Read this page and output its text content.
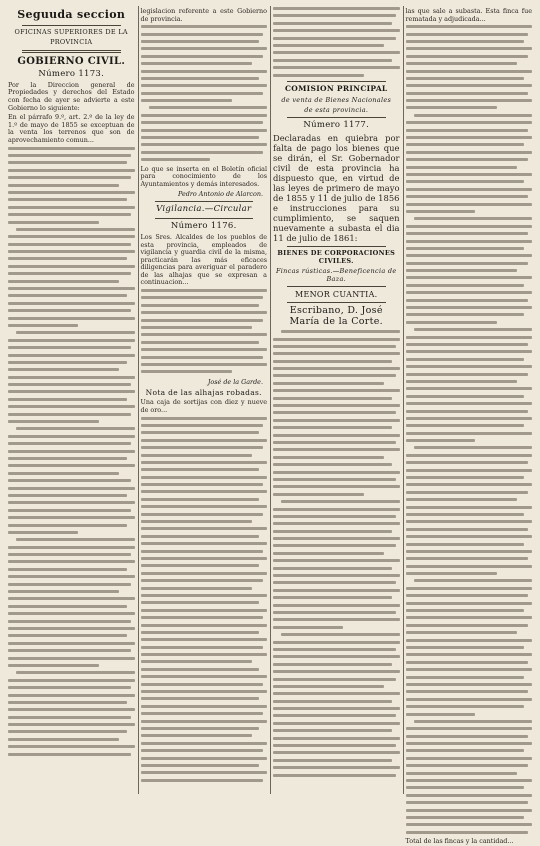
Seguuda seccion
OFICINAS SUPERIORES DE LA
PROVINCIA
GOBIERNO CIVIL.
Número 1173.
Por la Direccion general de Propiedades y derechos del Estado con fecha de ayer se advierte a este Gobierno lo siguiente:
En el párrafo 9.º, art. 2.º de la ley de 1.º de mayo de 1855 se exceptuan de la venta los terrenos que son de aprovechamiento comun...
legislacion referente a este Gobierno de provincia.
Lo que se inserta en el Boletín oficial para conocimiento de los Ayuntamientos y demás interesados.
Pedro Antonio de Alarcon.
Vigilancia.—Circular
Número 1176.
Los Sres. Alcaldes de los pueblos de esta provincia, empleados de vigilancia y guardia civil de la misma, practicarán las más eficaces diligencias para averiguar el paradero de las alhajas que se expresan a continuacion...
José de la Garde.
Nota de las alhajas robadas.
Una caja de sortijas con diez y nueve de oro...
COMISION PRINCIPAL
de venta de Bienes Nacionales
de esta provincia.
Número 1177.
Declaradas en quiebra por falta de pago los bienes que se dirán, el Sr. Gobernador civil de esta provincia ha dispuesto que, en virtud de las leyes de primero de mayo de 1855 y 11 de julio de 1856 e instrucciones para su cumplimiento, se saquen nuevamente a subasta el dia 11 de julio de 1861:
BIENES DE CORPORACIONES CIVILES.
Fincas rústicas.—Beneficencia de Baza.
MENOR CUANTIA.
Escribano, D. José María de la Corte.
las que sale a subasta. Esta finca fue rematada y adjudicada...
Total de las fincas y la cantidad...
